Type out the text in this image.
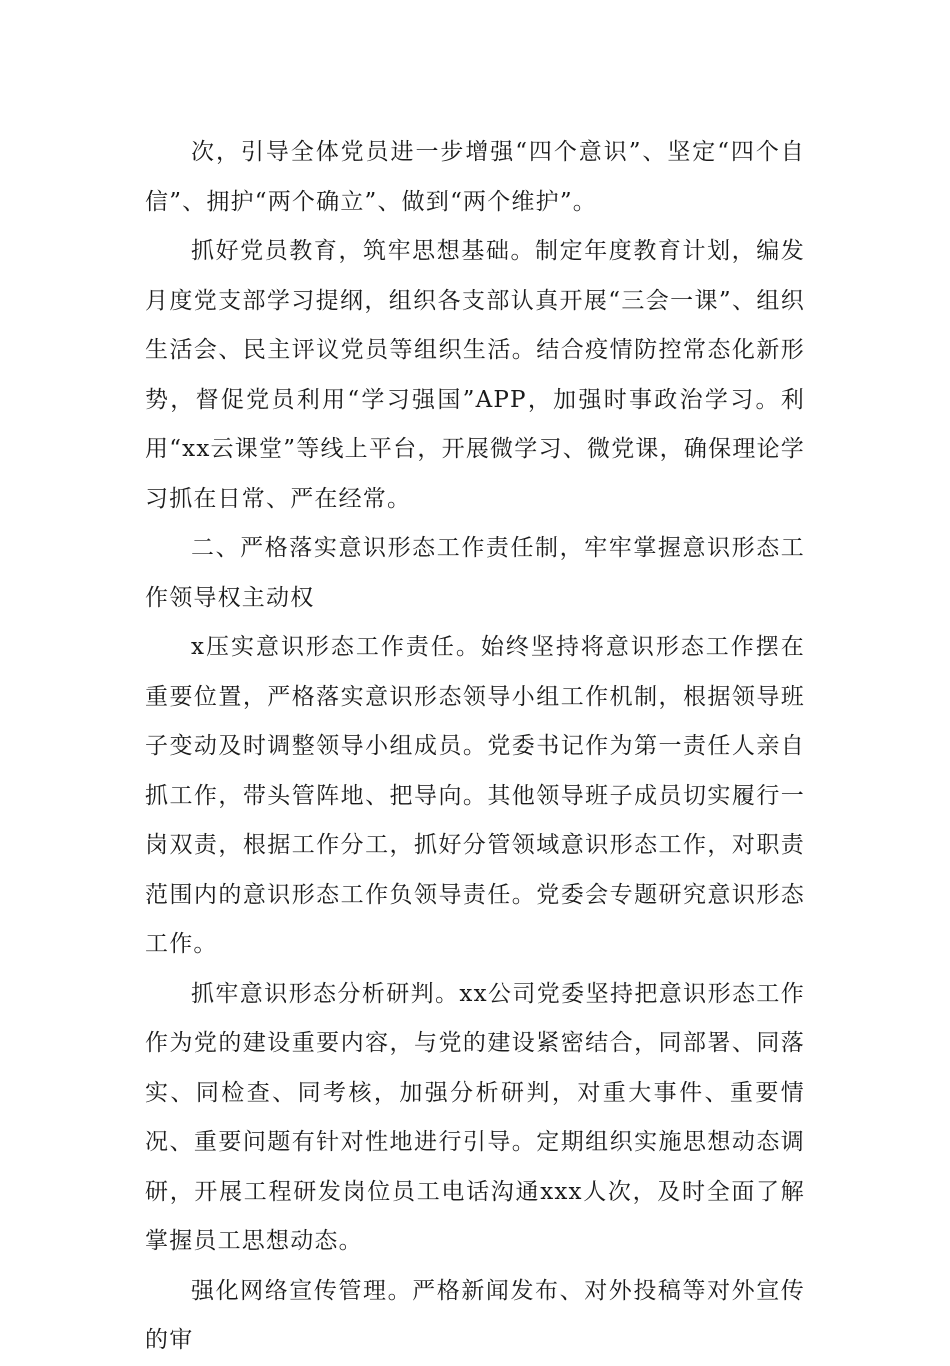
次，引导全体党员进一步增强“四个意识”、坚定“四个自信”、拥护“两个确立”、做到“两个维护”。

抓好党员教育，筑牢思想基础。制定年度教育计划，编发月度党支部学习提纲，组织各支部认真开展“三会一课”、组织生活会、民主评议党员等组织生活。结合疫情防控常态化新形势，督促党员利用“学习强国”APP，加强时事政治学习。利用“xx云课堂”等线上平台，开展微学习、微党课，确保理论学习抓在日常、严在经常。

二、严格落实意识形态工作责任制，牢牢掌握意识形态工作领导权主动权

x压实意识形态工作责任。始终坚持将意识形态工作摆在重要位置，严格落实意识形态领导小组工作机制，根据领导班子变动及时调整领导小组成员。党委书记作为第一责任人亲自抓工作，带头管阵地、把导向。其他领导班子成员切实履行一岗双责，根据工作分工，抓好分管领域意识形态工作，对职责范围内的意识形态工作负领导责任。党委会专题研究意识形态工作。

抓牢意识形态分析研判。xx公司党委坚持把意识形态工作作为党的建设重要内容，与党的建设紧密结合，同部署、同落实、同检查、同考核，加强分析研判，对重大事件、重要情况、重要问题有针对性地进行引导。定期组织实施思想动态调研，开展工程研发岗位员工电话沟通xxx人次，及时全面了解掌握员工思想动态。

强化网络宣传管理。严格新闻发布、对外投稿等对外宣传的审
